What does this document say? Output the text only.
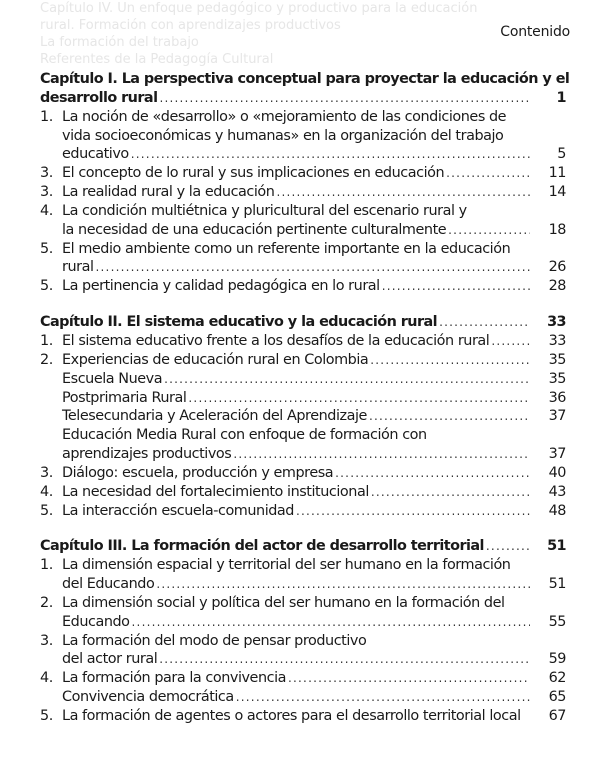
Capítulo IV. Un enfoque pedagógico y productivo para la educación
rural. Formación con aprendizajes productivos
La formación del trabajo
Referentes de la Pedagogía Cultural
Contenido
Capítulo I. La perspectiva conceptual para proyectar la educación y el
desarrollo rural .....	1
1. La noción de «desarrollo» o «mejoramiento de las condiciones de
vida socioeconómicas y humanas» en la organización del trabajo
educativo .....	5
3. El concepto de lo rural y sus implicaciones en educación .....	11
3. La realidad rural y la educación .....	14
4. La condición multiétnica y pluricultural del escenario rural y
la necesidad de una educación pertinente culturalmente .....	18
5. El medio ambiente como un referente importante en la educación
rural .....	26
5. La pertinencia y calidad pedagógica en lo rural .....	28
Capítulo II. El sistema educativo y la educación rural .....	33
1. El sistema educativo frente a los desafíos de la educación rural .....	33
2. Experiencias de educación rural en Colombia .....	35
Escuela Nueva .....	35
Postprimaria Rural .....	36
Telesecundaria y Aceleración del Aprendizaje .....	37
Educación Media Rural con enfoque de formación con
aprendizajes productivos .....	37
3. Diálogo: escuela, producción y empresa .....	40
4. La necesidad del fortalecimiento institucional .....	43
5. La interacción escuela-comunidad .....	48
Capítulo III. La formación del actor de desarrollo territorial .....	51
1. La dimensión espacial y territorial del ser humano en la formación
del Educando .....	51
2. La dimensión social y política del ser humano en la formación del
Educando .....	55
3. La formación del modo de pensar productivo
del actor rural .....	59
4. La formación para la convivencia .....	62
Convivencia democrática .....	65
5. La formación de agentes o actores para el desarrollo territorial local	67
